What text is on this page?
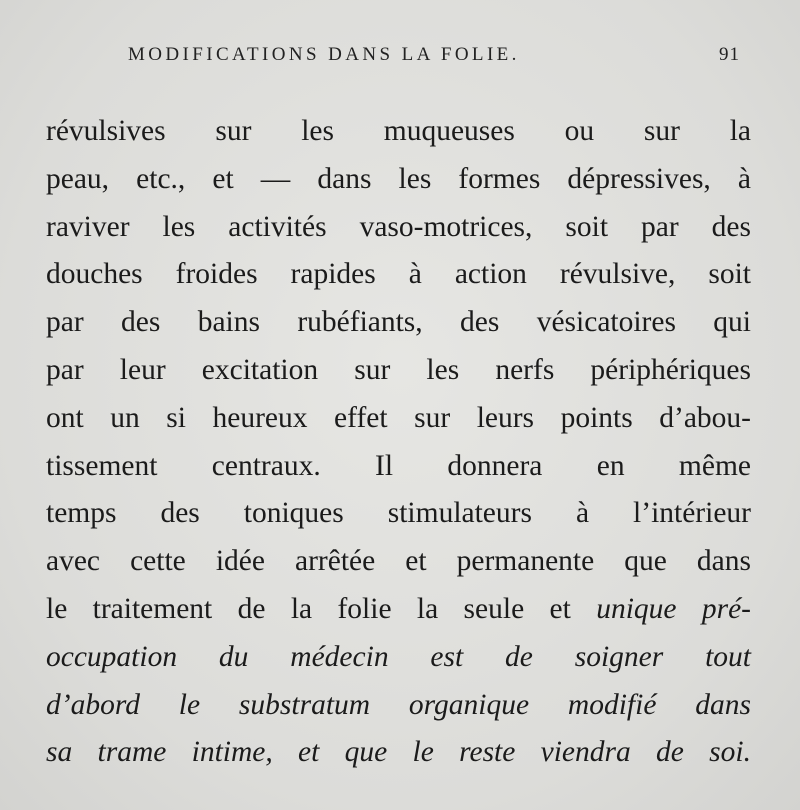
MODIFICATIONS DANS LA FOLIE.	91
révulsives sur les muqueuses ou sur la
peau, etc., et — dans les formes dépressives, à
raviver les activités vaso-motrices, soit par des
douches froides rapides à action révulsive, soit
par des bains rubéfiants, des vésicatoires qui
par leur excitation sur les nerfs périphériques
ont un si heureux effet sur leurs points d’abou-
tissement centraux. Il donnera en même
temps des toniques stimulateurs à l’intérieur
avec cette idée arrêtée et permanente que dans
le traitement de la folie la seule et unique pré-
occupation du médecin est de soigner tout
d’abord le substratum organique modifié dans
sa trame intime, et que le reste viendra de soi.
